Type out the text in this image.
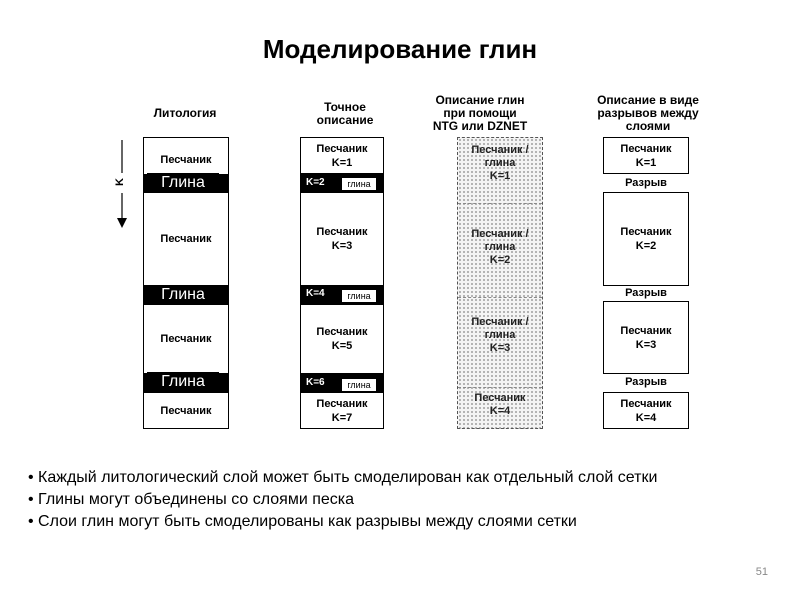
Моделирование глин
Литология	Точное
описание
Описание глин
при помощи
NTG или DZNET
Описание в виде
разрывов между
слоями
K
Песчаник
Глина
Песчаник
Глина
Песчаник
Глина
Песчаник
Песчаник
K=1
K=2	глина
Песчаник
K=3
K=4	глина
Песчаник
K=5
K=6	глина
Песчаник
K=7
Песчаник /
глина
K=1
Песчаник /
глина
K=2
Песчаник /
глина
K=3
Песчаник
K=4
Песчаник
K=1
Разрыв
Песчаник
K=2
Разрыв
Песчаник
K=3
Разрыв
Песчаник
K=4
• Каждый литологический слой может быть смоделирован как отдельный слой сетки
• Глины могут объединены со слоями песка
• Слои глин могут быть смоделированы как разрывы между слоями сетки
51
